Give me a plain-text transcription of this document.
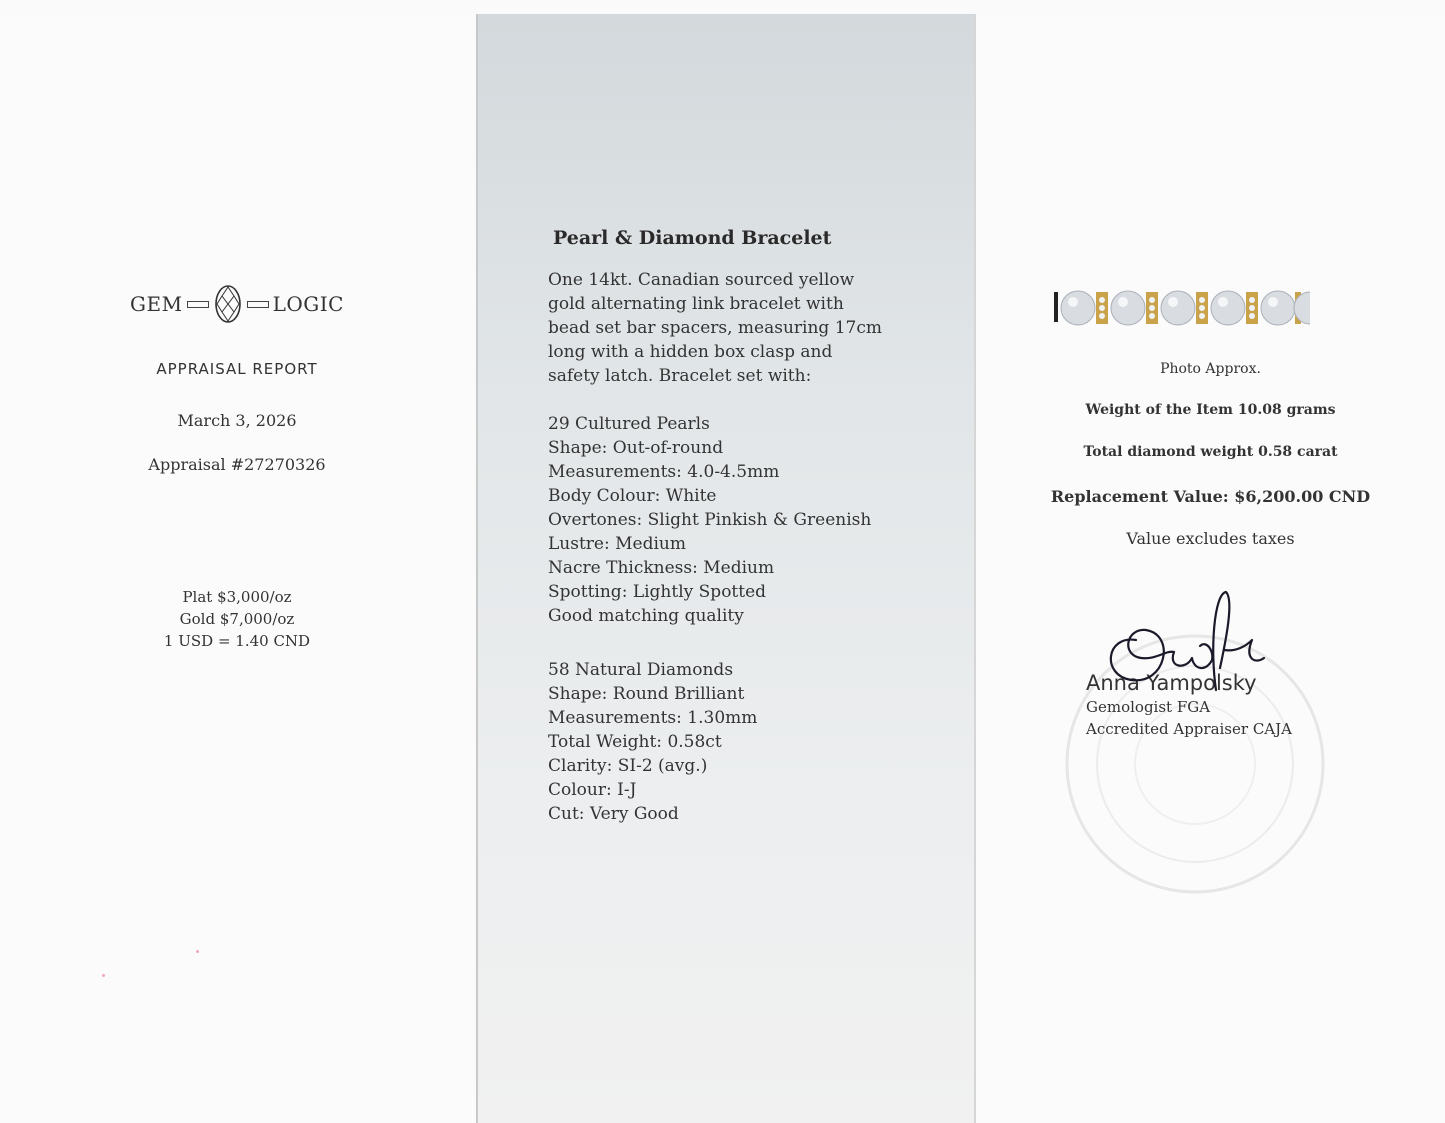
GEM	LOGIC
APPRAISAL REPORT
March 3, 2026
Appraisal #27270326
Plat $3,000/oz
Gold $7,000/oz
1 USD = 1.40 CND
Pearl & Diamond Bracelet
One 14kt. Canadian sourced yellow
gold alternating link bracelet with
bead set bar spacers, measuring 17cm
long with a hidden box clasp and
safety latch. Bracelet set with:
29 Cultured Pearls
Shape: Out-of-round
Measurements: 4.0-4.5mm
Body Colour: White
Overtones: Slight Pinkish & Greenish
Lustre: Medium
Nacre Thickness: Medium
Spotting: Lightly Spotted
Good matching quality
58 Natural Diamonds
Shape: Round Brilliant
Measurements: 1.30mm
Total Weight: 0.58ct
Clarity: SI-2 (avg.)
Colour: I-J
Cut: Very Good
Photo Approx.
Weight of the Item 10.08 grams
Total diamond weight 0.58 carat
Replacement Value: $6,200.00 CND
Value excludes taxes
Anna Yampolsky
Gemologist FGA
Accredited Appraiser CAJA
